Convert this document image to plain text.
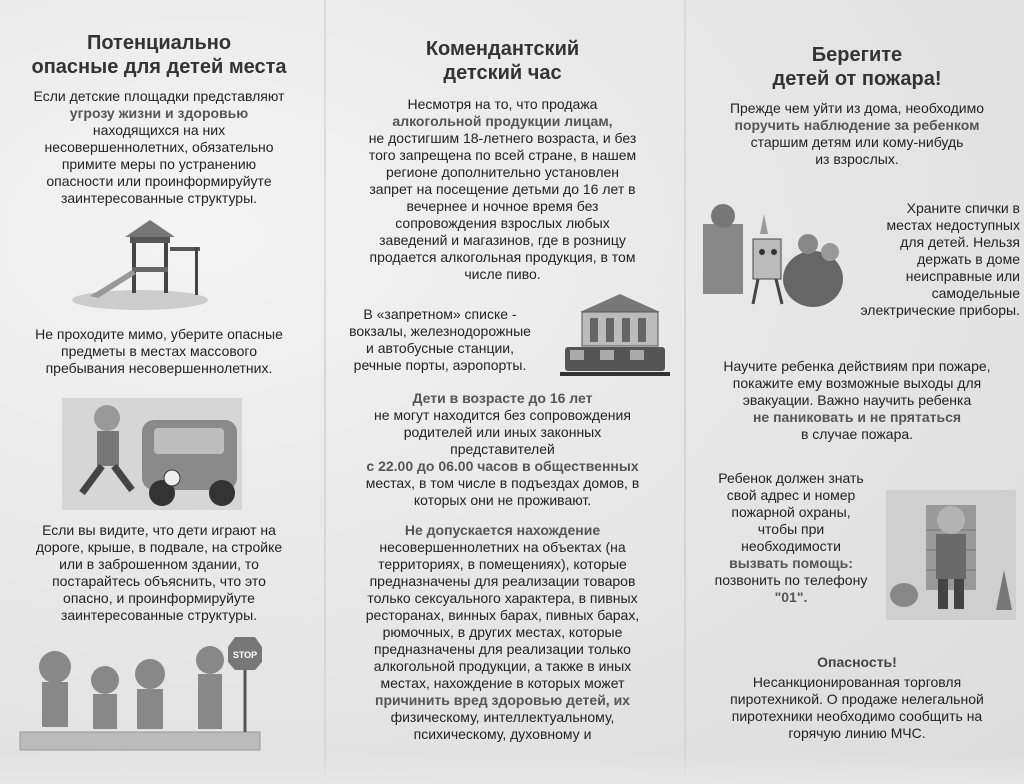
Потенциально
опасные для детей места

Если детские площадки представляют

угрозу жизни и здоровью

находящихся на них

несовершеннолетних, обязательно

примите меры по устранению

опасности или проинформируйуте

заинтересованные структуры.

Не проходите мимо, уберите опасные

предметы в местах массового

пребывания несовершеннолетних.

Если вы видите, что дети играют на

дороге, крыше, в подвале, на стройке

или в заброшенном здании, то

постарайтесь объяснить, что это

опасно, и проинформируйуте

заинтересованные структуры.

STOP
Комендантский
детский час

Несмотря на то, что продажа

алкогольной продукции лицам,

не достигшим 18-летнего возраста, и без

того запрещена по всей стране, в нашем

регионе дополнительно установлен

запрет на посещение детьми до 16 лет в

вечернее и ночное время без

сопровождения взрослых любых

заведений и магазинов, где в розницу

продается алкогольная продукция, в том

числе пиво.

В «запретном» списке -

вокзалы, железнодорожные

и автобусные станции,

речные порты, аэропорты.

Дети в возрасте до 16 лет

не могут находится без сопровождения

родителей или иных законных

представителей

с 22.00 до 06.00 часов в общественных

местах, в том числе в подъездах домов, в

которых они не проживают.

Не допускается нахождение

несовершеннолетних на объектах (на

территориях, в помещениях), которые

предназначены для реализации товаров

только сексуального характера, в пивных

ресторанах, винных барах, пивных барах,

рюмочных, в других местах, которые

предназначены для реализации только

алкогольной продукции, а также в иных

местах, нахождение в которых может

причинить вред здоровью детей, их

физическому, интеллектуальному,

психическому, духовному и

Берегите
детей от пожара!

Прежде чем уйти из дома, необходимо

поручить наблюдение за ребенком

старшим детям или кому-нибудь

из взрослых.

Храните спички в

местах недоступных

для детей. Нельзя

держать в доме

неисправные или

самодельные

электрические приборы.

Научите ребенка действиям при пожаре,

покажите ему возможные выходы для

эвакуации. Важно научить ребенка

не паниковать и не прятаться

в случае пожара.

Ребенок должен знать

свой адрес и номер

пожарной охраны,

чтобы при

необходимости

вызвать помощь:

позвонить по телефону

"01".

Опасность!

Несанкционированная торговля

пиротехникой. О продаже нелегальной

пиротехники необходимо сообщить на

горячую линию МЧС.
